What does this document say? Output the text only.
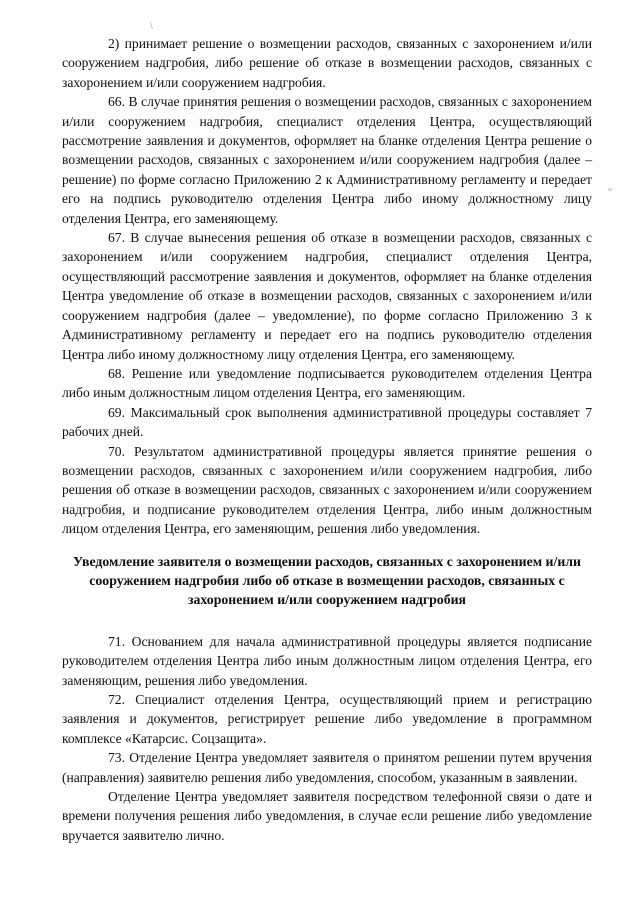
\
°

2) принимает решение о возмещении расходов, связанных с захоронением и/или сооружением надгробия, либо решение об отказе в возмещении расходов, связанных с захоронением и/или сооружением надгробия.

66. В случае принятия решения о возмещении расходов, связанных с захоронением и/или сооружением надгробия, специалист отделения Центра, осуществляющий рассмотрение заявления и документов, оформляет на бланке отделения Центра решение о возмещении расходов, связанных с захоронением и/или сооружением надгробия (далее – решение) по форме согласно Приложению 2 к Административному регламенту и передает его на подпись руководителю отделения Центра либо иному должностному лицу отделения Центра, его заменяющему.

67. В случае вынесения решения об отказе в возмещении расходов, связанных с захоронением и/или сооружением надгробия, специалист отделения Центра, осуществляющий рассмотрение заявления и документов, оформляет на бланке отделения Центра уведомление об отказе в возмещении расходов, связанных с захоронением и/или сооружением надгробия (далее – уведомление), по форме согласно Приложению 3 к Административному регламенту и передает его на подпись руководителю отделения Центра либо иному должностному лицу отделения Центра, его заменяющему.

68. Решение или уведомление подписывается руководителем отделения Центра либо иным должностным лицом отделения Центра, его заменяющим.

69. Максимальный срок выполнения административной процедуры составляет 7 рабочих дней.

70. Результатом административной процедуры является принятие решения о возмещении расходов, связанных с захоронением и/или сооружением надгробия, либо решения об отказе в возмещении расходов, связанных с захоронением и/или сооружением надгробия, и подписание руководителем отделения Центра, либо иным должностным лицом отделения Центра, его заменяющим, решения либо уведомления.

Уведомление заявителя о возмещении расходов, связанных с захоронением и/или сооружением надгробия либо об отказе в возмещении расходов, связанных с захоронением и/или сооружением надгробия

71. Основанием для начала административной процедуры является подписание руководителем отделения Центра либо иным должностным лицом отделения Центра, его заменяющим, решения либо уведомления.

72. Специалист отделения Центра, осуществляющий прием и регистрацию заявления и документов, регистрирует решение либо уведомление в программном комплексе «Катарсис. Соцзащита».

73. Отделение Центра уведомляет заявителя о принятом решении путем вручения (направления) заявителю решения либо уведомления, способом, указанным в заявлении.

Отделение Центра уведомляет заявителя посредством телефонной связи о дате и времени получения решения либо уведомления, в случае если решение либо уведомление вручается заявителю лично.
